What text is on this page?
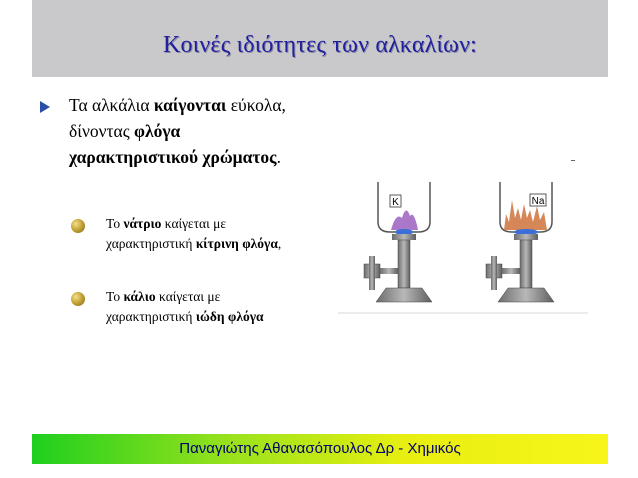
Κοινές ιδιότητες των αλκαλίων:
Τα αλκάλια καίγονται εύκολα, δίνοντας φλόγα χαρακτηριστικού χρώματος.
Το νάτριο καίγεται με χαρακτηριστική κίτρινη φλόγα,
Το κάλιο καίγεται με χαρακτηριστική ιώδη φλόγα
K	Na
Παναγιώτης Αθανασόπουλος Δρ - Χημικός
